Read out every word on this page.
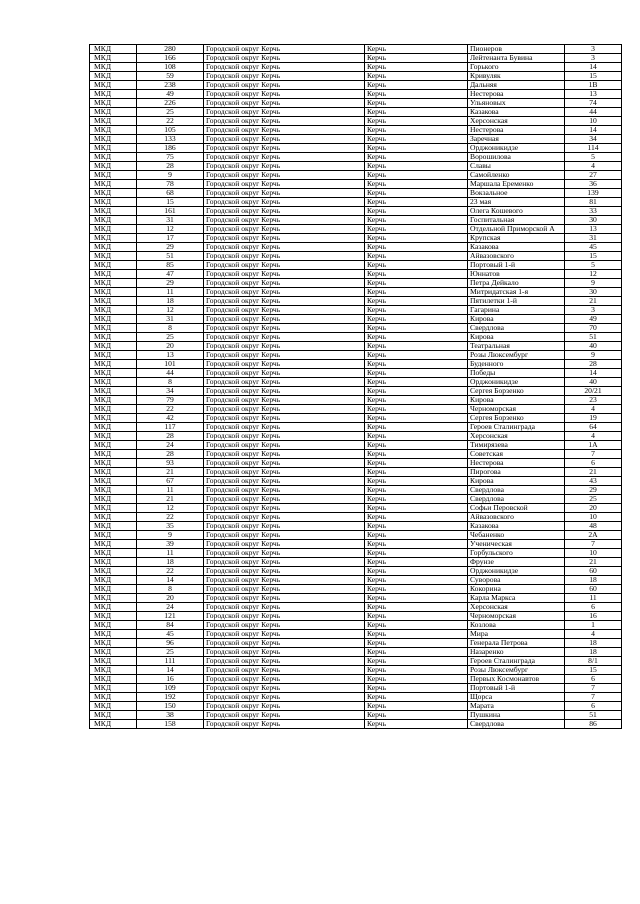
МКД	280	Городской округ Керчь	Керчь	Пионеров	3
МКД	166	Городской округ Керчь	Керчь	Лейтенанта Бувина	3
МКД	108	Городской округ Керчь	Керчь	Горького	14
МКД	59	Городской округ Керчь	Керчь	Кривуляк	15
МКД	238	Городской округ Керчь	Керчь	Дальняя	1В
МКД	49	Городской округ Керчь	Керчь	Нестерова	13
МКД	226	Городской округ Керчь	Керчь	Ульяновых	74
МКД	25	Городской округ Керчь	Керчь	Казакова	44
МКД	22	Городской округ Керчь	Керчь	Херсонская	10
МКД	105	Городской округ Керчь	Керчь	Нестерова	14
МКД	133	Городской округ Керчь	Керчь	Заречная	34
МКД	186	Городской округ Керчь	Керчь	Орджоникидзе	114
МКД	75	Городской округ Керчь	Керчь	Ворошилова	5
МКД	28	Городской округ Керчь	Керчь	Славы	4
МКД	9	Городской округ Керчь	Керчь	Самойленко	27
МКД	78	Городской округ Керчь	Керчь	Маршала Еременко	36
МКД	68	Городской округ Керчь	Керчь	Вокзальное	139
МКД	15	Городской округ Керчь	Керчь	23 мая	81
МКД	161	Городской округ Керчь	Керчь	Олега Кошевого	33
МКД	31	Городской округ Керчь	Керчь	Госпитальная	30
МКД	12	Городской округ Керчь	Керчь	Отдельной Приморской А	13
МКД	17	Городской округ Керчь	Керчь	Крупская	31
МКД	29	Городской округ Керчь	Керчь	Казакова	45
МКД	51	Городской округ Керчь	Керчь	Айвазовского	15
МКД	85	Городской округ Керчь	Керчь	Портовый 1-й	5
МКД	47	Городской округ Керчь	Керчь	Юннатов	12
МКД	29	Городской округ Керчь	Керчь	Петра Дейкало	9
МКД	11	Городской округ Керчь	Керчь	Митридатская 1-я	30
МКД	18	Городской округ Керчь	Керчь	Пятилетки 1-й	21
МКД	12	Городской округ Керчь	Керчь	Гагарина	3
МКД	31	Городской округ Керчь	Керчь	Кирова	49
МКД	8	Городской округ Керчь	Керчь	Свердлова	70
МКД	25	Городской округ Керчь	Керчь	Кирова	51
МКД	20	Городской округ Керчь	Керчь	Театральная	40
МКД	13	Городской округ Керчь	Керчь	Розы Люксембург	9
МКД	101	Городской округ Керчь	Керчь	Буденного	28
МКД	44	Городской округ Керчь	Керчь	Победы	14
МКД	8	Городской округ Керчь	Керчь	Орджоникидзе	40
МКД	34	Городской округ Керчь	Керчь	Сергея Борзенко	20/21
МКД	79	Городской округ Керчь	Керчь	Кирова	23
МКД	22	Городской округ Керчь	Керчь	Черноморская	4
МКД	42	Городской округ Керчь	Керчь	Сергея Борзенко	19
МКД	117	Городской округ Керчь	Керчь	Героев Сталинграда	64
МКД	28	Городской округ Керчь	Керчь	Херсонская	4
МКД	24	Городской округ Керчь	Керчь	Тимирязева	1А
МКД	28	Городской округ Керчь	Керчь	Советская	7
МКД	93	Городской округ Керчь	Керчь	Нестерова	6
МКД	21	Городской округ Керчь	Керчь	Пирогова	21
МКД	67	Городской округ Керчь	Керчь	Кирова	43
МКД	11	Городской округ Керчь	Керчь	Свердлова	29
МКД	21	Городской округ Керчь	Керчь	Свердлова	25
МКД	12	Городской округ Керчь	Керчь	Софьи Перовской	20
МКД	22	Городской округ Керчь	Керчь	Айвазовского	10
МКД	35	Городской округ Керчь	Керчь	Казакова	48
МКД	9	Городской округ Керчь	Керчь	Чебаненко	2А
МКД	39	Городской округ Керчь	Керчь	Ученическая	7
МКД	11	Городской округ Керчь	Керчь	Горбульского	10
МКД	18	Городской округ Керчь	Керчь	Фрунзе	21
МКД	22	Городской округ Керчь	Керчь	Орджоникидзе	60
МКД	14	Городской округ Керчь	Керчь	Суворова	18
МКД	8	Городской округ Керчь	Керчь	Кокорина	60
МКД	20	Городской округ Керчь	Керчь	Карла Маркса	11
МКД	24	Городской округ Керчь	Керчь	Херсонская	6
МКД	121	Городской округ Керчь	Керчь	Черноморская	16
МКД	84	Городской округ Керчь	Керчь	Козлова	1
МКД	45	Городской округ Керчь	Керчь	Мира	4
МКД	96	Городской округ Керчь	Керчь	Генерала Петрова	18
МКД	25	Городской округ Керчь	Керчь	Назаренко	18
МКД	111	Городской округ Керчь	Керчь	Героев Сталинграда	8/1
МКД	14	Городской округ Керчь	Керчь	Розы Люксембург	15
МКД	16	Городской округ Керчь	Керчь	Первых Космонавтов	6
МКД	109	Городской округ Керчь	Керчь	Портовый 1-й	7
МКД	192	Городской округ Керчь	Керчь	Щорса	7
МКД	150	Городской округ Керчь	Керчь	Марата	6
МКД	38	Городской округ Керчь	Керчь	Пушкина	51
МКД	158	Городской округ Керчь	Керчь	Свердлова	86
